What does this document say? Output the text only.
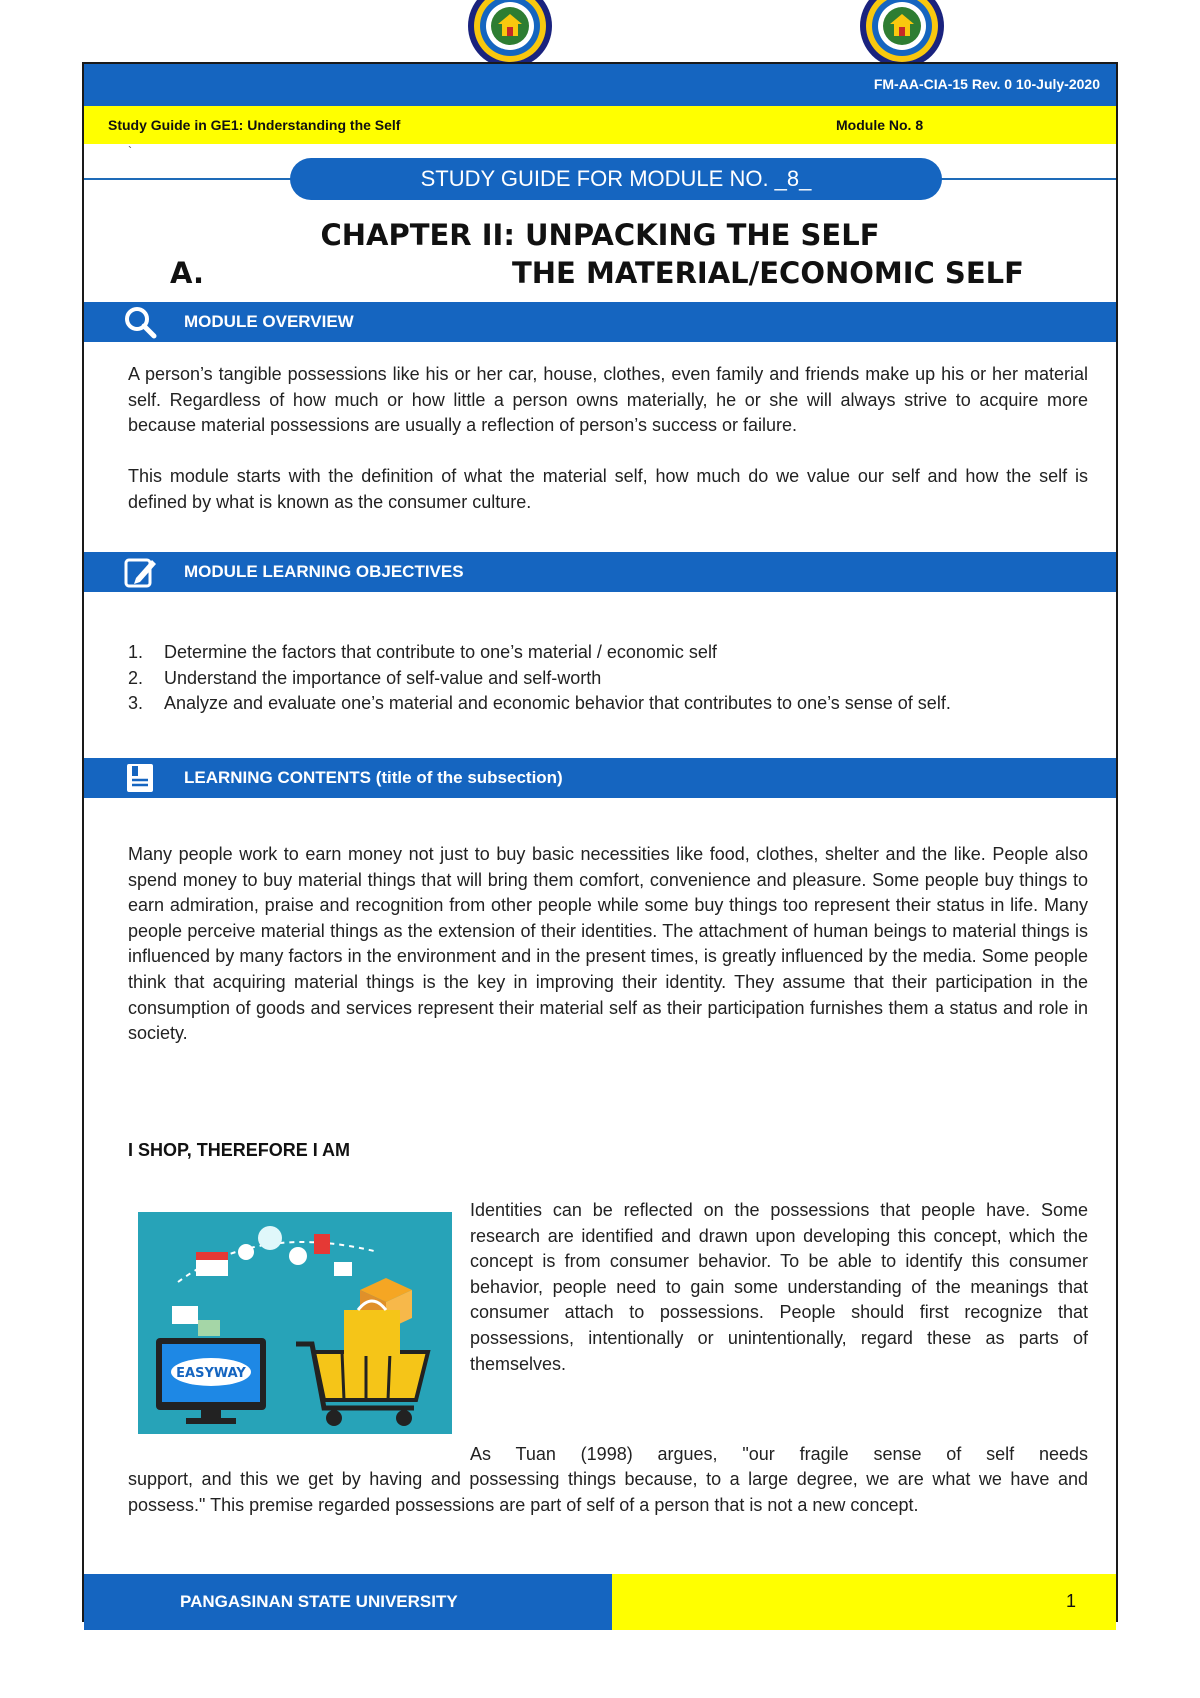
FM-AA-CIA-15 Rev. 0 10-July-2020
Study Guide in GE1: Understanding the Self	Module No. 8
`
STUDY GUIDE FOR MODULE NO. _8_
CHAPTER II: UNPACKING THE SELF
A.	THE MATERIAL/ECONOMIC SELF
MODULE OVERVIEW
A person’s tangible possessions like his or her car, house, clothes, even family and friends make up his or her material self. Regardless of how much or how little a person owns materially, he or she will always strive to acquire more because material possessions are usually a reflection of person’s success or failure.
This module starts with the definition of what the material self, how much do we value our self and how the self is defined by what is known as the consumer culture.
MODULE LEARNING OBJECTIVES
1. Determine the factors that contribute to one’s material / economic self
2. Understand the importance of self-value and self-worth
3. Analyze and evaluate one’s material and economic behavior that contributes to one’s sense of self.
LEARNING CONTENTS (title of the subsection)
Many people work to earn money not just to buy basic necessities like food, clothes, shelter and the like. People also spend money to buy material things that will bring them comfort, convenience and pleasure. Some people buy things to earn admiration, praise and recognition from other people while some buy things too represent their status in life. Many people perceive material things as the extension of their identities. The attachment of human beings to material things is influenced by many factors in the environment and in the present times, is greatly influenced by the media. Some people think that acquiring material things is the key in improving their identity. They assume that their participation in the consumption of goods and services represent their material self as their participation furnishes them a status and role in society.
I SHOP, THEREFORE I AM
EASYWAY
Identities can be reflected on the possessions that people have. Some research are identified and drawn upon developing this concept, which the concept is from consumer behavior. To be able to identify this consumer behavior, people need to gain some understanding of the meanings that consumer attach to possessions. People should first recognize that possessions, intentionally or unintentionally, regard these as parts of themselves.
As Tuan (1998) argues, "our fragile sense of self needs
support, and this we get by having and possessing things because, to a large degree, we are what we have and possess." This premise regarded possessions are part of self of a person that is not a new concept.
PANGASINAN STATE UNIVERSITY	1
